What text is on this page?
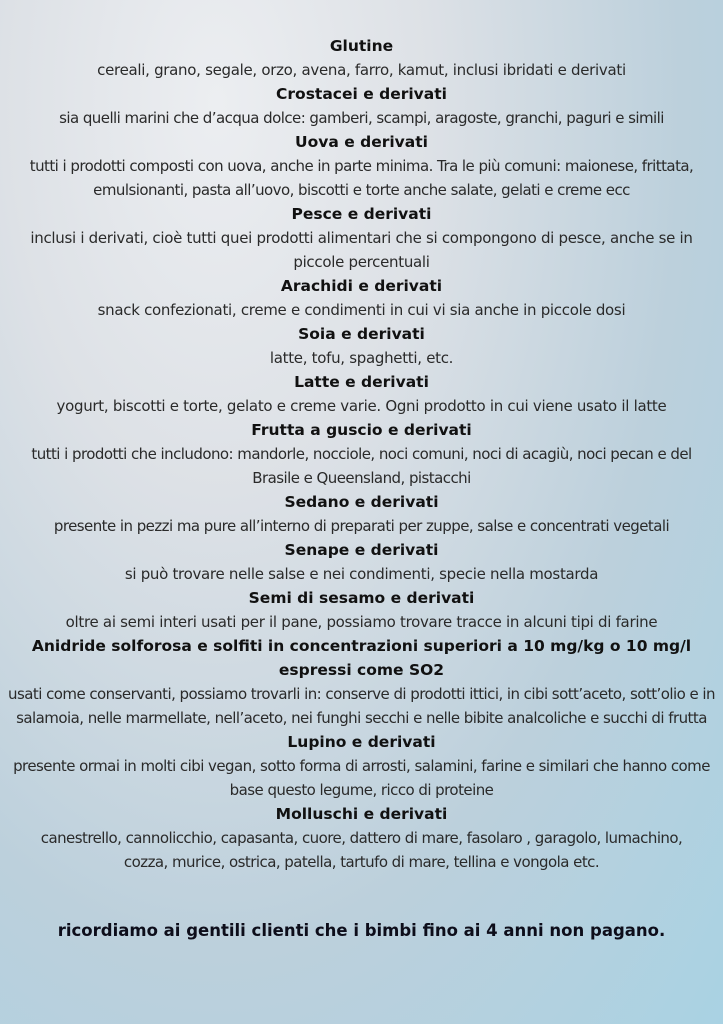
Glutine

cereali, grano, segale, orzo, avena, farro, kamut, inclusi ibridati e derivati

Crostacei e derivati

sia quelli marini che d’acqua dolce: gamberi, scampi, aragoste, granchi, paguri e simili

Uova e derivati

tutti i prodotti composti con uova, anche in parte minima. Tra le più comuni: maionese, frittata, emulsionanti, pasta all’uovo, biscotti e torte anche salate, gelati e creme ecc

Pesce e derivati

inclusi i derivati, cioè tutti quei prodotti alimentari che si compongono di pesce, anche se in piccole percentuali

Arachidi e derivati

snack confezionati, creme e condimenti in cui vi sia anche in piccole dosi

Soia e derivati

latte, tofu, spaghetti, etc.

Latte e derivati

yogurt, biscotti e torte, gelato e creme varie. Ogni prodotto in cui viene usato il latte

Frutta a guscio e derivati

tutti i prodotti che includono: mandorle, nocciole, noci comuni, noci di acagiù, noci pecan e del Brasile e Queensland, pistacchi

Sedano e derivati

presente in pezzi ma pure all’interno di preparati per zuppe, salse e concentrati vegetali

Senape e derivati

si può trovare nelle salse e nei condimenti, specie nella mostarda

Semi di sesamo e derivati

oltre ai semi interi usati per il pane, possiamo trovare tracce in alcuni tipi di farine

Anidride solforosa e solfiti in concentrazioni superiori a 10 mg/kg o 10 mg/l espressi come SO2

usati come conservanti, possiamo trovarli in: conserve di prodotti ittici, in cibi sott’aceto, sott’olio e in salamoia, nelle marmellate, nell’aceto, nei funghi secchi e nelle bibite analcoliche e succhi di frutta

Lupino e derivati

presente ormai in molti cibi vegan, sotto forma di arrosti, salamini, farine e similari che hanno come base questo legume, ricco di proteine

Molluschi e derivati

canestrello, cannolicchio, capasanta, cuore, dattero di mare, fasolaro , garagolo, lumachino, cozza, murice, ostrica, patella, tartufo di mare, tellina e vongola etc.

ricordiamo ai gentili clienti che i bimbi fino ai 4 anni non pagano.
